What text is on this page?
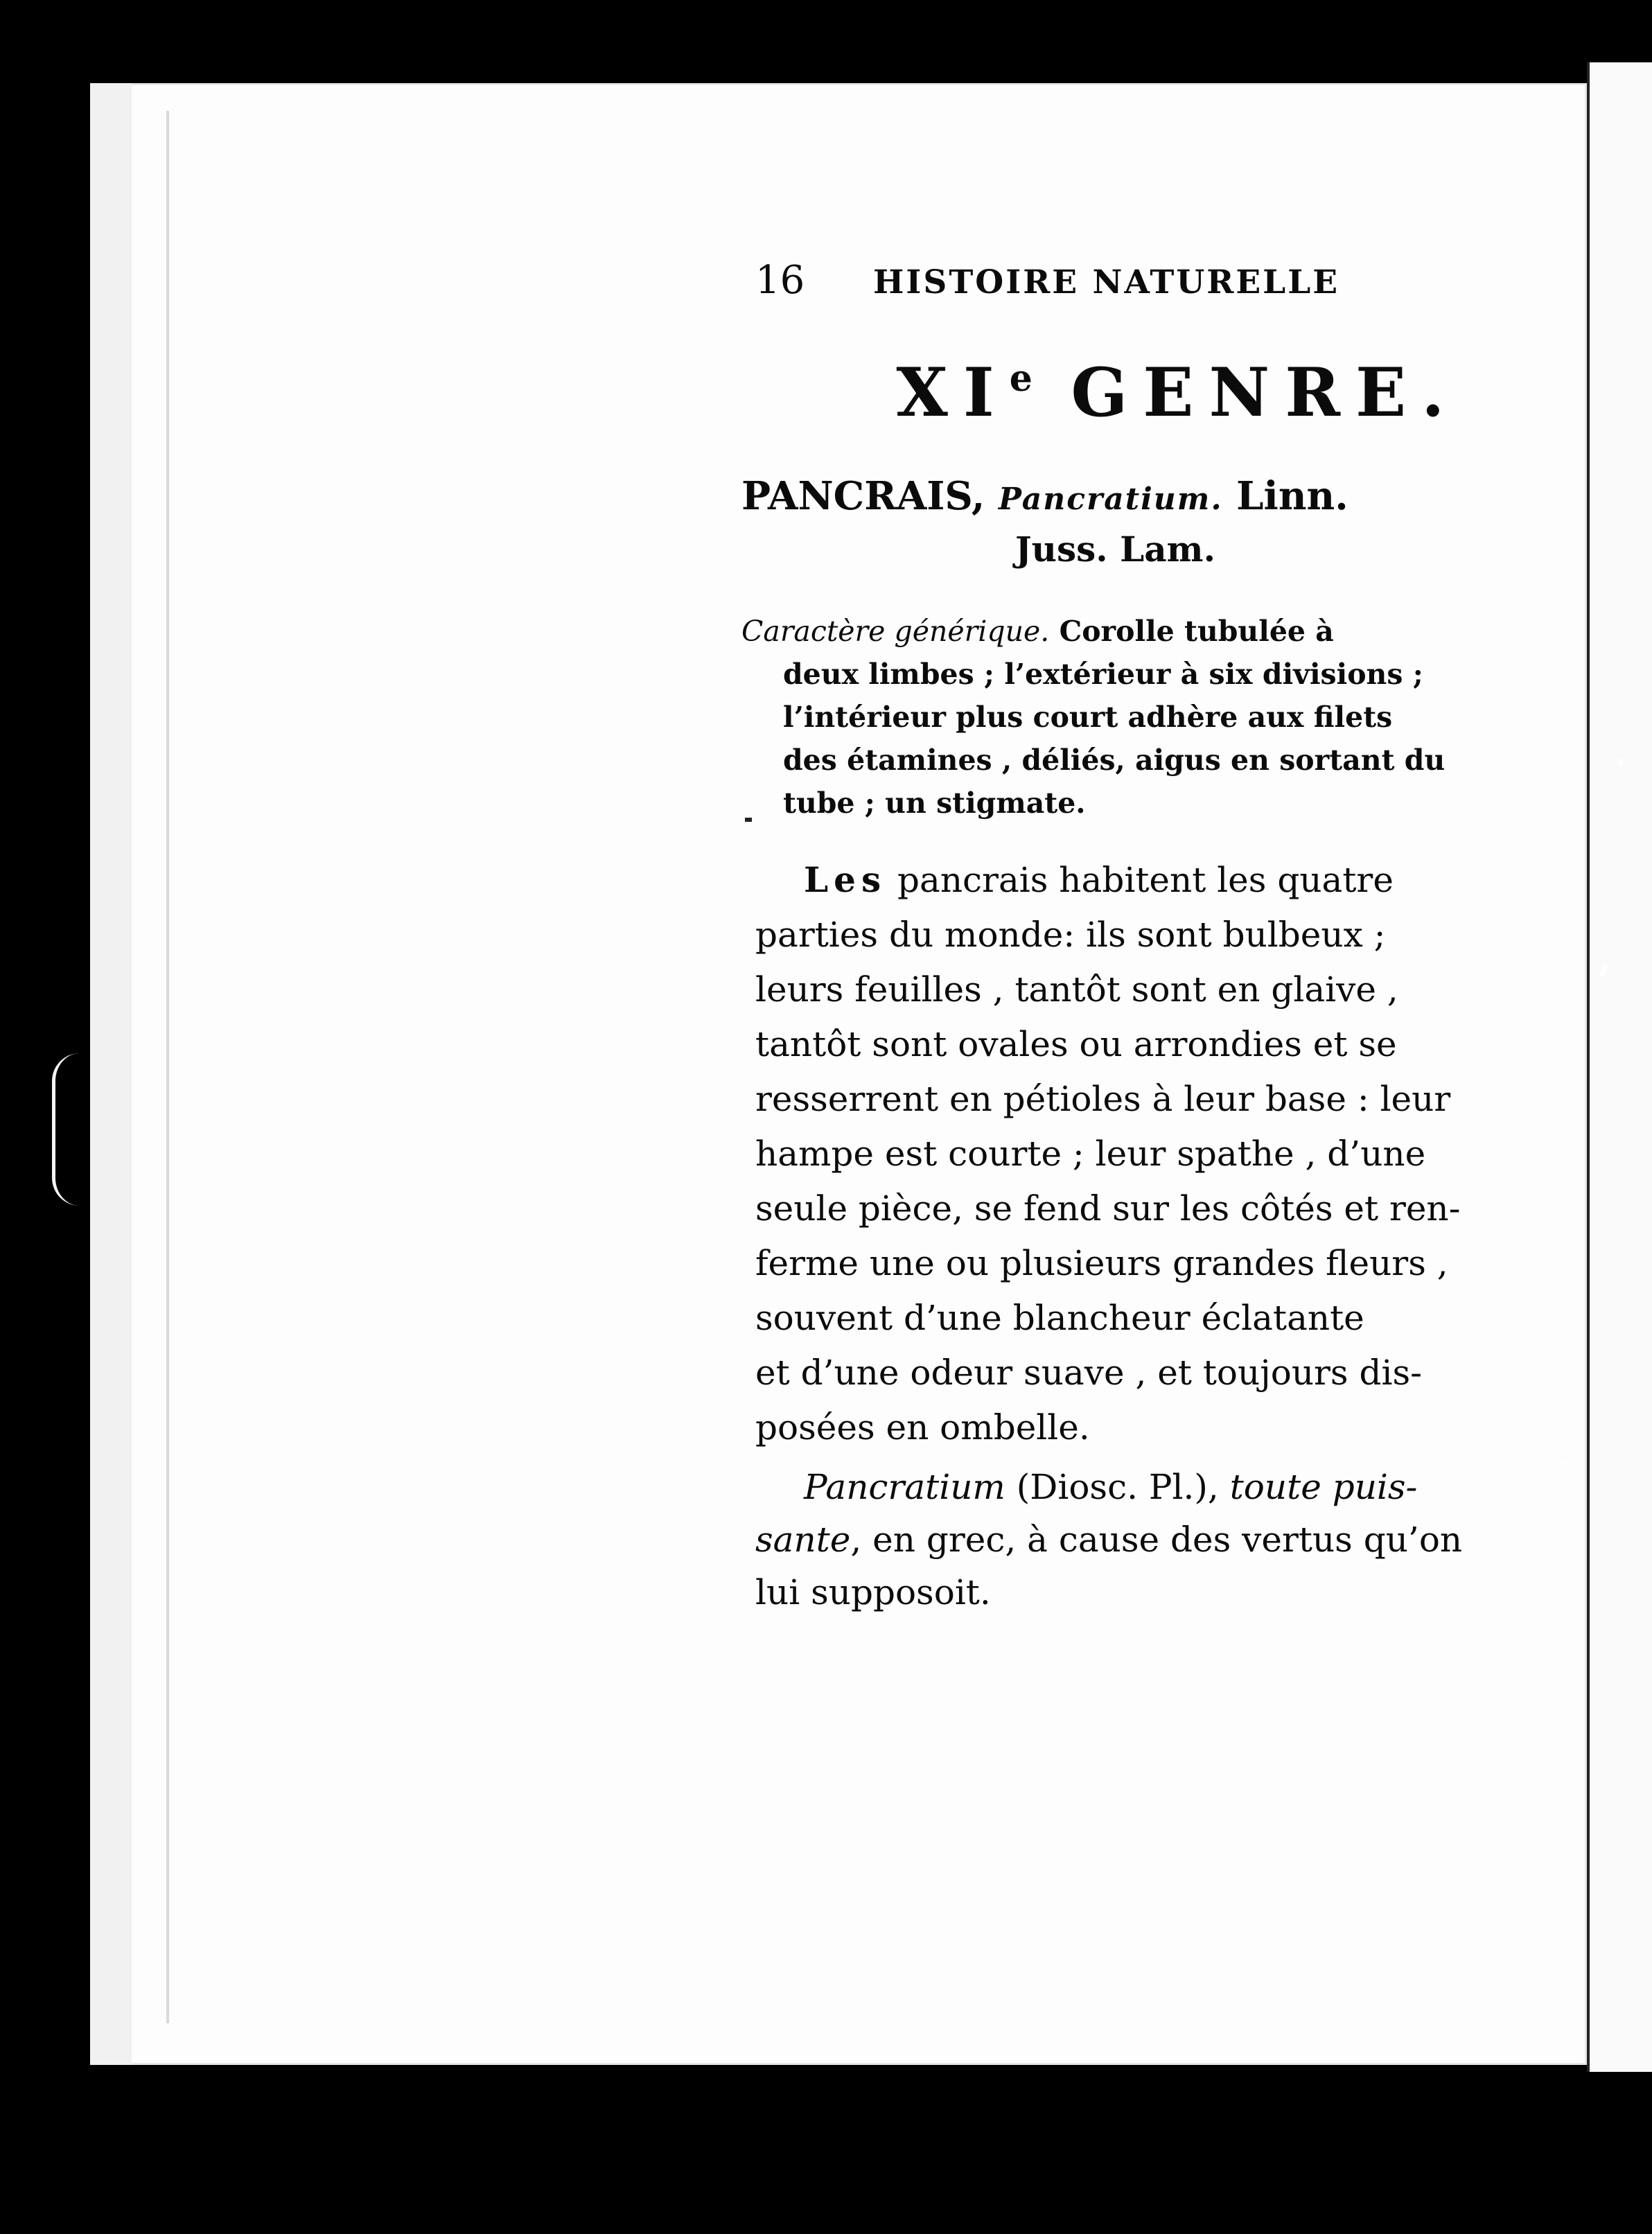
16 HISTOIRE NATURELLE
XIe GENRE.
PANCRAIS, Pancratium. Linn.
Juss. Lam.
Caractère générique. Corolle tubulée à
deux limbes ; l’extérieur à six divisions ;
l’intérieur plus court adhère aux filets
des étamines , déliés, aigus en sortant du
tube ; un stigmate.
Les pancrais habitent les quatre
parties du monde: ils sont bulbeux ;
leurs feuilles , tantôt sont en glaive ,
tantôt sont ovales ou arrondies et se
resserrent en pétioles à leur base : leur
hampe est courte ; leur spathe , d’une
seule pièce, se fend sur les côtés et ren-
ferme une ou plusieurs grandes fleurs ,
souvent d’une blancheur éclatante
et d’une odeur suave , et toujours dis-
posées en ombelle.
Pancratium (Diosc. Pl.), toute puis-
sante, en grec, à cause des vertus qu’on
lui supposoit.
